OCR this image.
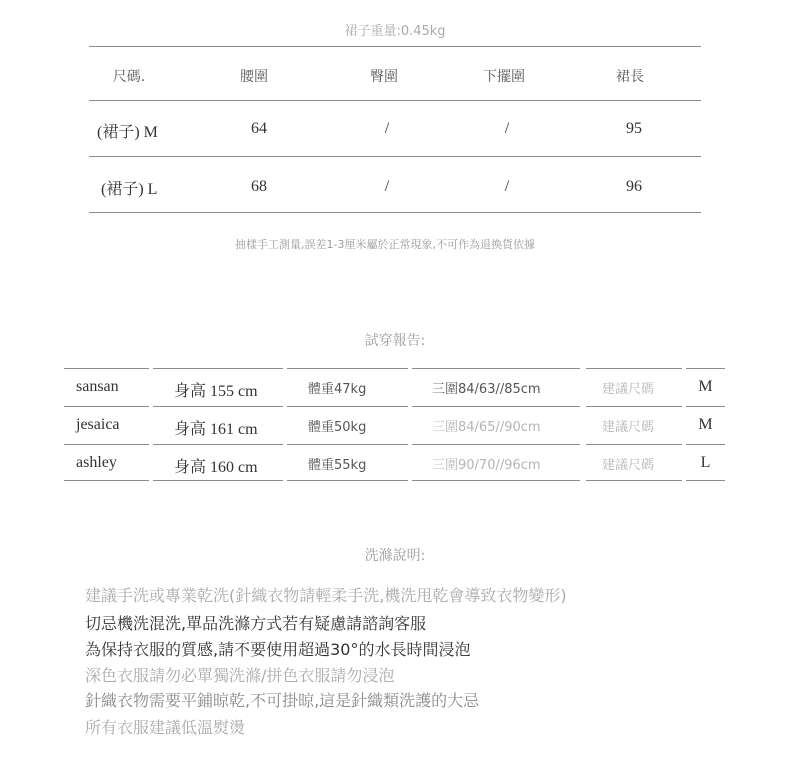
裙子重量:0.45kg
尺碼.	腰圍	臀圍	下擺圍	裙長
(裙子) M	64	/	/	95
(裙子) L	68	/	/	96
抽樣手工測量,誤差1-3厘米屬於正常現象,不可作為退換貨依據
試穿報告:
sansan	身高 155 cm	體重47kg	三圍84/63//85cm	建議尺碼	M
jesaica	身高 161 cm	體重50kg	三圍84/65//90cm	建議尺碼	M
ashley	身高 160 cm	體重55kg	三圍90/70//96cm	建議尺碼	L
洗滌說明:
建議手洗或專業乾洗(針織衣物請輕柔手洗,機洗甩乾會導致衣物變形)
切忌機洗混洗,單品洗滌方式若有疑慮請諮詢客服
為保持衣服的質感,請不要使用超過30°的水長時間浸泡
深色衣服請勿必單獨洗滌/拼色衣服請勿浸泡
針織衣物需要平鋪晾乾,不可掛晾,這是針織類洗護的大忌
所有衣服建議低溫熨燙
